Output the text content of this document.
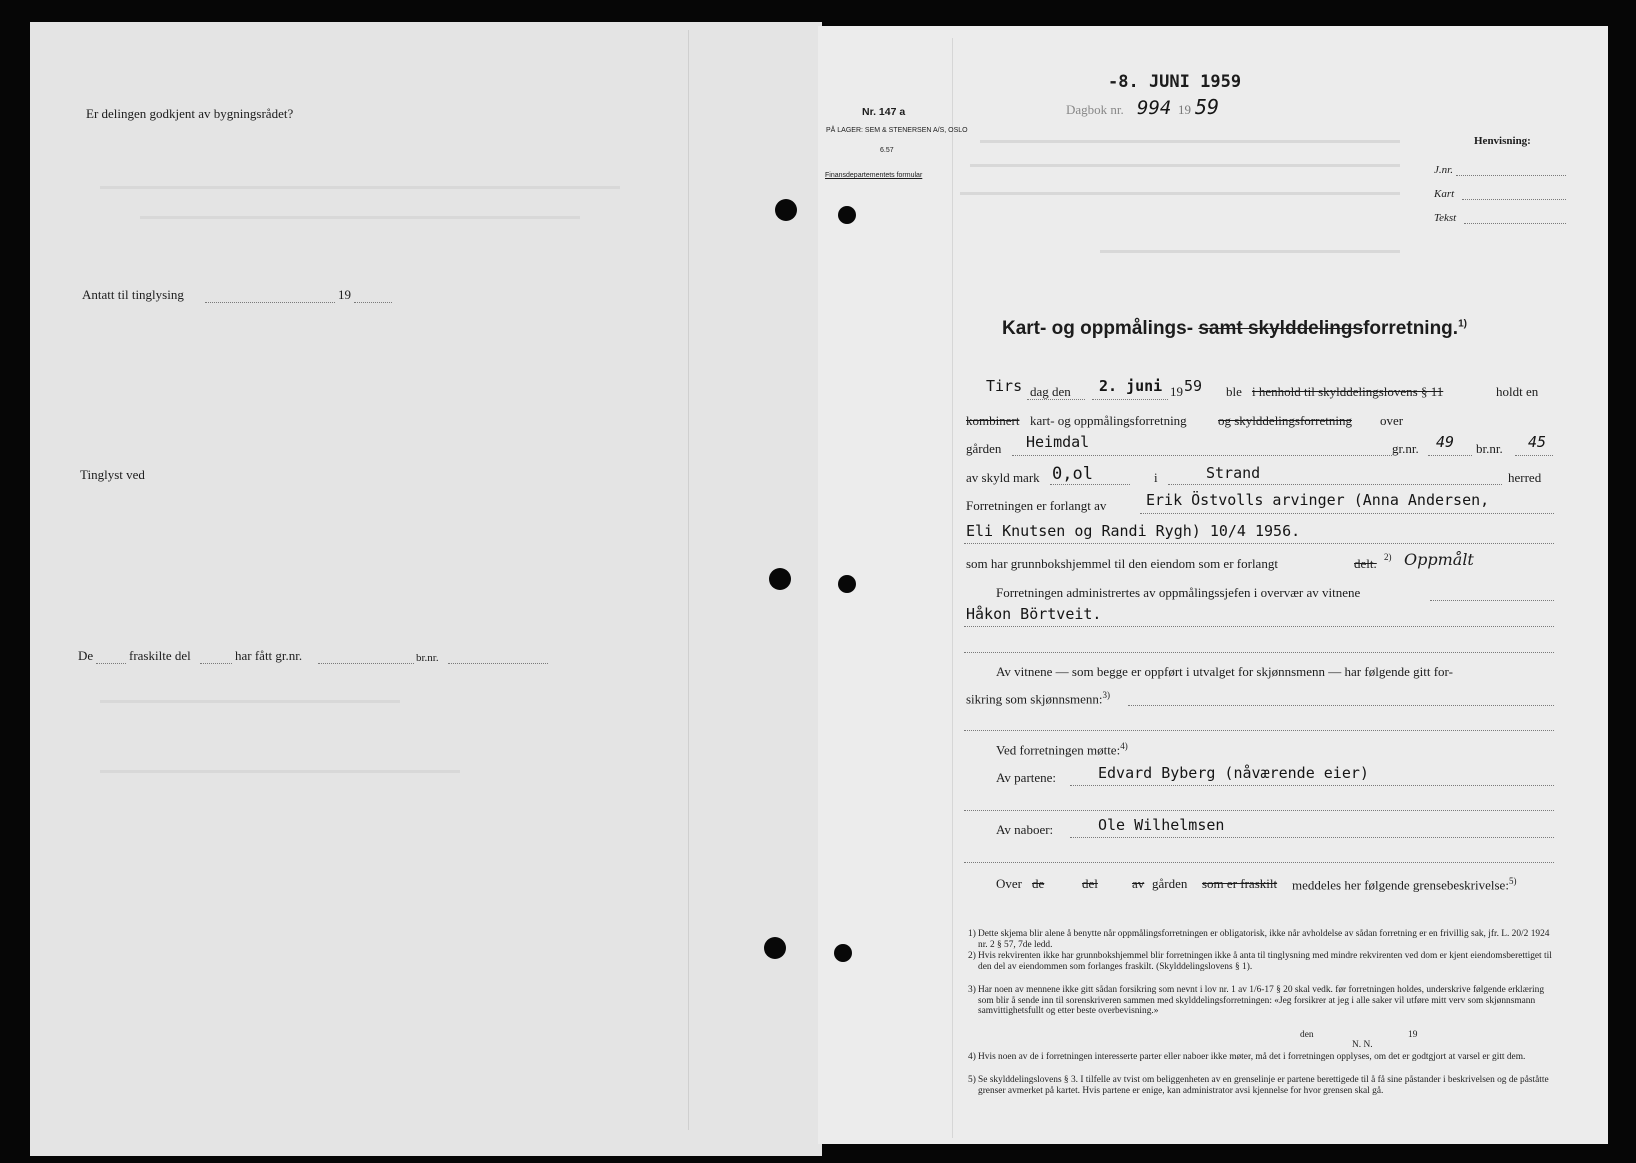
Er delingen godkjent av bygningsrådet?
Antatt til tinglysing	19
Tinglyst ved
De	fraskilte del	har fått gr.nr.	br.nr.
Nr. 147 a
PÅ LAGER: SEM & STENERSEN A/S, OSLO
6.57
Finansdepartementets formular
-8. JUNI 1959
Dagbok nr. 994 19 59
Henvisning:
J.nr.
Kart
Tekst
Kart- og oppmålings- samt skylddelingsforretning.$^{1)}$
Tirs dag den 2. juni 19 59 ble i henhold til skylddelingslovens § 11	holdt en
kombinert kart- og oppmålingsforretning og skylddelingsforretning over
gården Heimdal	gr.nr. 49 br.nr. 45
av skyld mark 0,ol	i	Strand	herred
Forretningen er forlangt av	Erik Östvolls arvinger (Anna Andersen,
Eli Knutsen og Randi Rygh) 10/4 1956.
som har grunnbokshjemmel til den eiendom som er forlangt	delt. 2) Oppmålt
Forretningen administrertes av oppmålingssjefen i overvær av vitnene
Håkon Börtveit.
Av vitnene — som begge er oppført i utvalget for skjønnsmenn — har følgende gitt for-
sikring som skjønnsmenn:$^{3)}$
Ved forretningen møtte:$^{4)}$
Av partene:	Edvard Byberg (nåværende eier)
Av naboer:	Ole Wilhelmsen
Over de	del	av gården som er fraskilt meddeles her følgende grensebeskrivelse:$^{5)}$
1) Dette skjema blir alene å benytte når oppmålingsforretningen er obligatorisk, ikke når avholdelse av sådan forretning er en frivillig sak, jfr. L. 20/2 1924 nr. 2 § 57, 7de ledd.
2) Hvis rekvirenten ikke har grunnbokshjemmel blir forretningen ikke å anta til tinglysning med mindre rekvirenten ved dom er kjent eiendomsberettiget til den del av eiendommen som forlanges fraskilt. (Skylddelingslovens § 1).
3) Har noen av mennene ikke gitt sådan forsikring som nevnt i lov nr. 1 av 1/6-17 § 20 skal vedk. før forretningen holdes, underskrive følgende erklæring som blir å sende inn til sorenskriveren sammen med skylddelingsforretningen: «Jeg forsikrer at jeg i alle saker vil utføre mitt verv som skjønnsmann samvittighetsfullt og etter beste overbevisning.»
den	19
N. N.
4) Hvis noen av de i forretningen interesserte parter eller naboer ikke møter, må det i forretningen opplyses, om det er godtgjort at varsel er gitt dem.
5) Se skylddelingslovens § 3. I tilfelle av tvist om beliggenheten av en grenselinje er partene berettigede til å få sine påstander i beskrivelsen og de påståtte grenser avmerket på kartet. Hvis partene er enige, kan administrator avsi kjennelse for hvor grensen skal gå.
